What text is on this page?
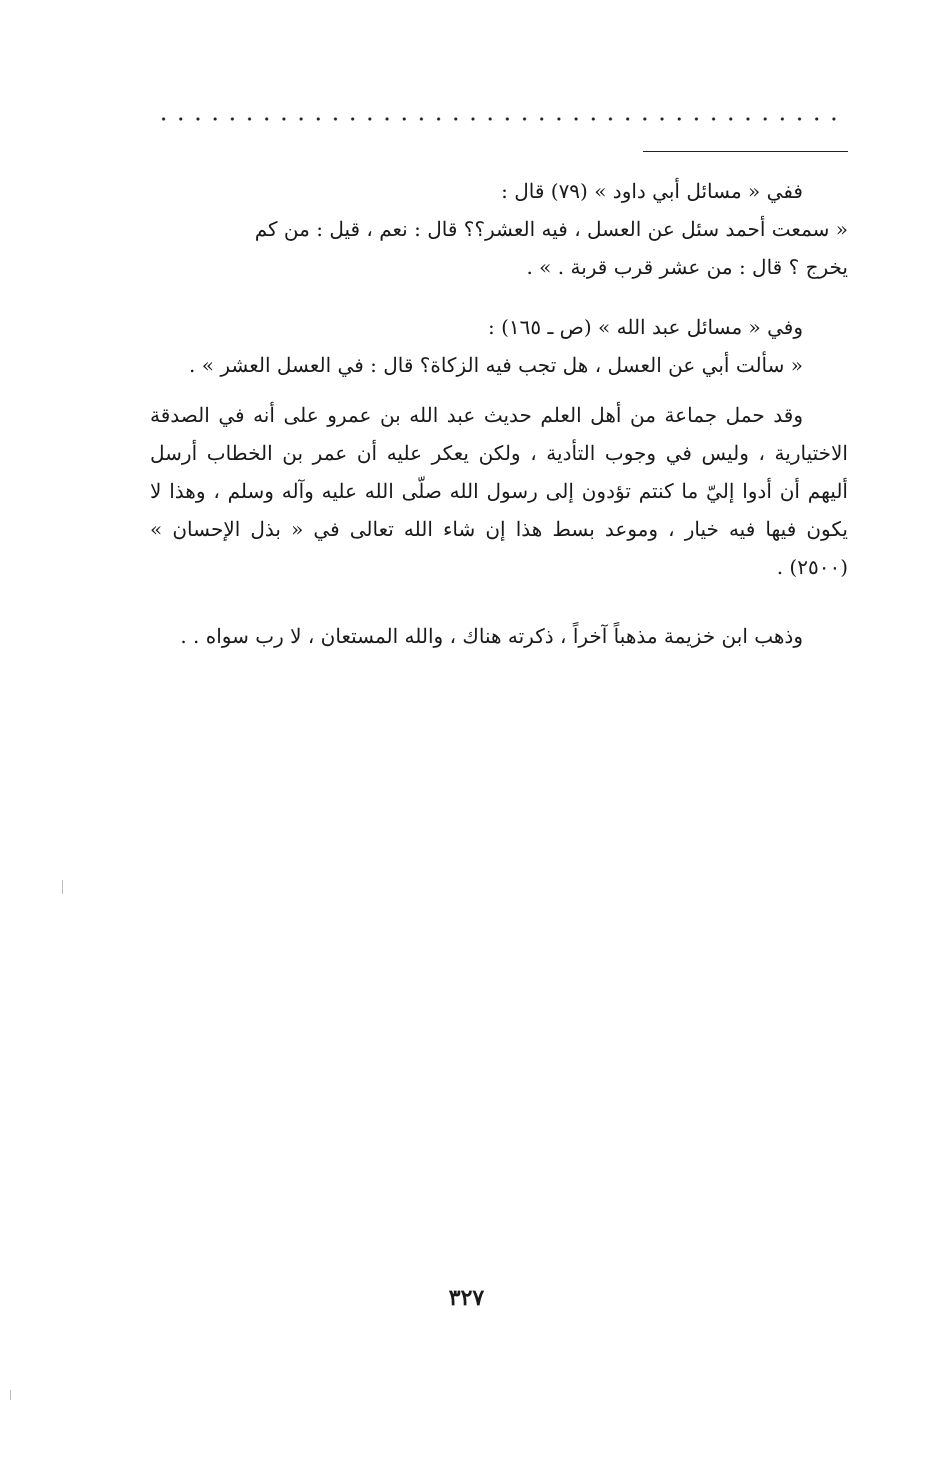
ففي « مسائل أبي داود » (٧٩) قال :

« سمعت أحمد سئل عن العسل ، فيه العشر؟؟ قال : نعم ، قيل : من كم

يخرج ؟ قال : من عشر قرب قربة . » .

وفي « مسائل عبد الله » (ص ـ ١٦٥) :

« سألت أبي عن العسل ، هل تجب فيه الزكاة؟ قال : في العسل العشر » .

وقد حمل جماعة من أهل العلم حديث عبد الله بن عمرو على أنه في الصدقة الاختيارية ، وليس في وجوب التأدية ، ولكن يعكر عليه أن عمر بن الخطاب أرسل أليهم أن أدوا إليّ ما كنتم تؤدون إلى رسول الله صلّى الله عليه وآله وسلم ، وهذا لا يكون فيها فيه خيار ، وموعد بسط هذا إن شاء الله تعالى في « بذل الإحسان » (٢٥٠٠) .

وذهب ابن خزيمة مذهباً آخراً ، ذكرته هناك ، والله المستعان ، لا رب سواه . .

٣٢٧
